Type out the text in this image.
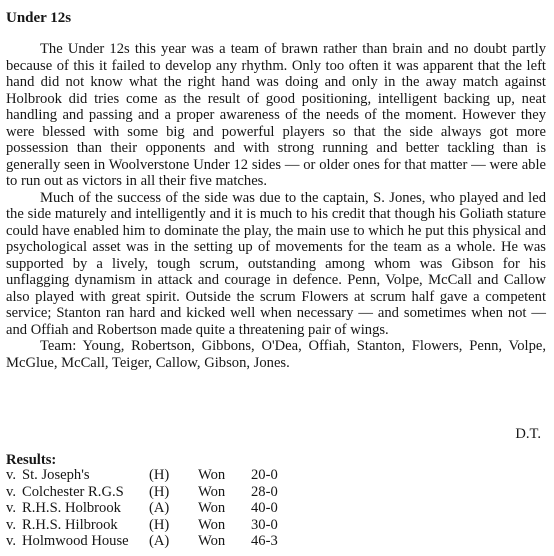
Under 12s

The Under 12s this year was a team of brawn rather than brain and no doubt partly because of this it failed to develop any rhythm. Only too often it was apparent that the left hand did not know what the right hand was doing and only in the away match against Holbrook did tries come as the result of good positioning, intelligent backing up, neat handling and passing and a proper awareness of the needs of the moment. However they were blessed with some big and powerful players so that the side always got more possession than their opponents and with strong running and better tackling than is generally seen in Woolverstone Under 12 sides — or older ones for that matter — were able to run out as victors in all their five matches.

Much of the success of the side was due to the captain, S. Jones, who played and led the side maturely and intelligently and it is much to his credit that though his Goliath stature could have enabled him to dominate the play, the main use to which he put this physical and psychological asset was in the setting up of movements for the team as a whole. He was supported by a lively, tough scrum, outstanding among whom was Gibson for his unflagging dynamism in attack and courage in defence. Penn, Volpe, McCall and Callow also played with great spirit. Outside the scrum Flowers at scrum half gave a competent service; Stanton ran hard and kicked well when necessary — and sometimes when not — and Offiah and Robertson made quite a threatening pair of wings.

Team: Young, Robertson, Gibbons, O'Dea, Offiah, Stanton, Flowers, Penn, Volpe, McGlue, McCall, Teiger, Callow, Gibson, Jones.

D.T.
Results:
v.	St. Joseph's	(H)	Won	20-0
v.	Colchester R.G.S	(H)	Won	28-0
v.	R.H.S. Holbrook	(A)	Won	40-0
v.	R.H.S. Hilbrook	(H)	Won	30-0
v.	Holmwood House	(A)	Won	46-3
